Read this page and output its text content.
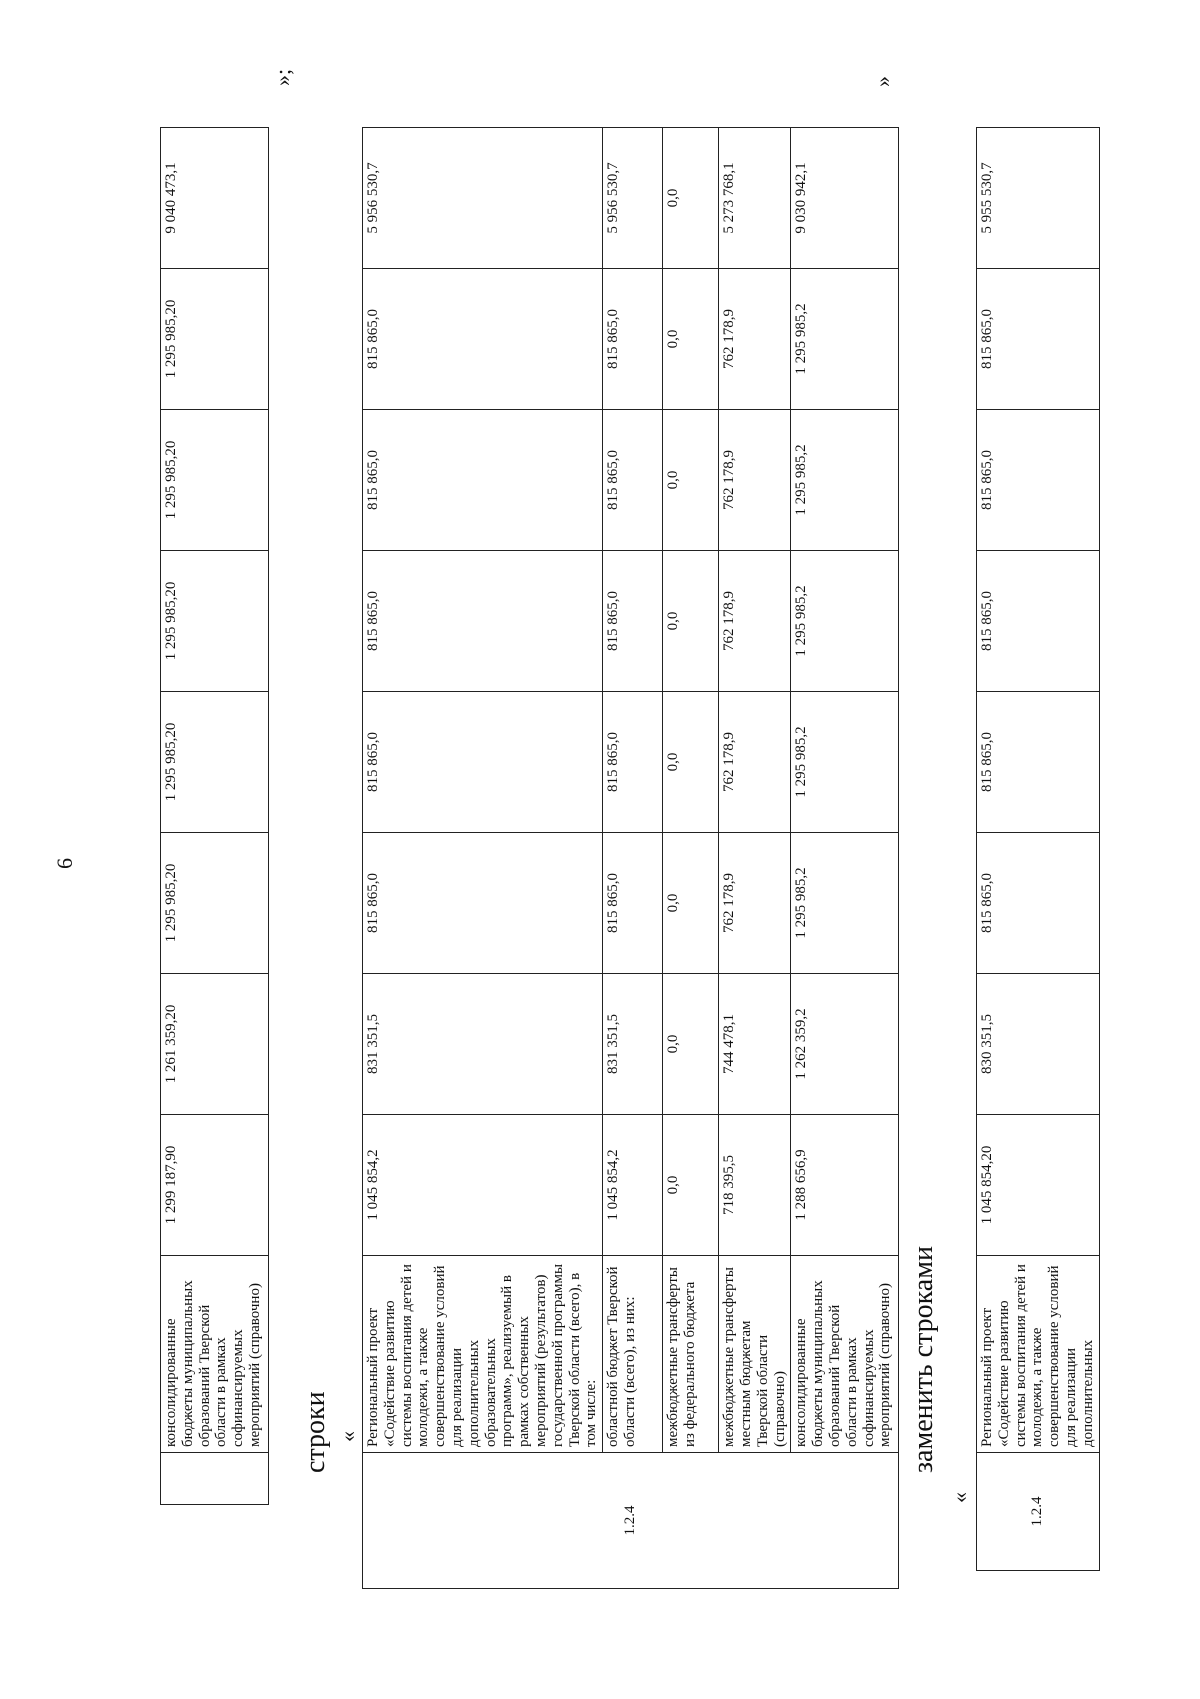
6

	консолидированные бюджеты муниципальных образований Тверской области в рамках софинансируемых мероприятий (справочно)	1 299 187,90	1 261 359,20	1 295 985,20	1 295 985,20	1 295 985,20	1 295 985,20	1 295 985,20	9 040 473,1

»;

строки «

1.2.4	Региональный проект «Содействие развитию системы воспитания детей и молодежи, а также совершенствование условий для реализации дополнительных образовательных программ», реализуемый в рамках собственных мероприятий (результатов) государственной программы Тверской области (всего), в том числе:	1 045 854,2	831 351,5	815 865,0	815 865,0	815 865,0	815 865,0	815 865,0	5 956 530,7
	областной бюджет Тверской области (всего), из них:	1 045 854,2	831 351,5	815 865,0	815 865,0	815 865,0	815 865,0	815 865,0	5 956 530,7
	межбюджетные трансферты из федерального бюджета	0,0	0,0	0,0	0,0	0,0	0,0	0,0	0,0
	межбюджетные трансферты местным бюджетам Тверской области (справочно)	718 395,5	744 478,1	762 178,9	762 178,9	762 178,9	762 178,9	762 178,9	5 273 768,1
	консолидированные бюджеты муниципальных образований Тверской области в рамках софинансируемых мероприятий (справочно)	1 288 656,9	1 262 359,2	1 295 985,2	1 295 985,2	1 295 985,2	1 295 985,2	1 295 985,2	9 030 942,1

»

заменить строками

«	1.2.4	Региональный проект «Содействие развитию системы воспитания детей и молодежи, а также совершенствование условий для реализации дополнительных	1 045 854,20	830 351,5	815 865,0	815 865,0	815 865,0	815 865,0	815 865,0	5 955 530,7
